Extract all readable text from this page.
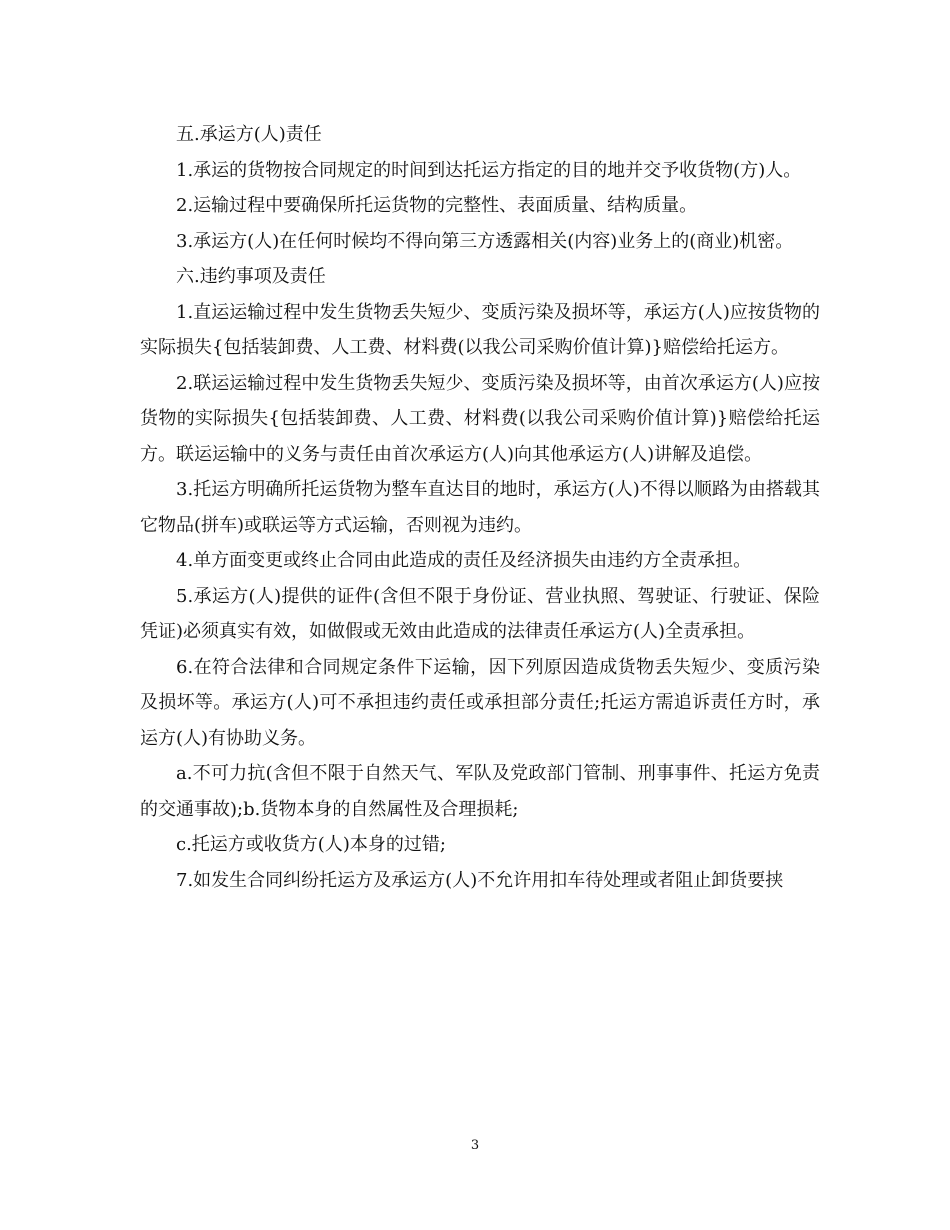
五.承运方(人)责任

1.承运的货物按合同规定的时间到达托运方指定的目的地并交予收货物(方)人。

2.运输过程中要确保所托运货物的完整性、表面质量、结构质量。

3.承运方(人)在任何时候均不得向第三方透露相关(内容)业务上的(商业)机密。

六.违约事项及责任

1.直运运输过程中发生货物丢失短少、变质污染及损坏等，承运方(人)应按货物的实际损失{包括装卸费、人工费、材料费(以我公司采购价值计算)}赔偿给托运方。

2.联运运输过程中发生货物丢失短少、变质污染及损坏等，由首次承运方(人)应按货物的实际损失{包括装卸费、人工费、材料费(以我公司采购价值计算)}赔偿给托运方。联运运输中的义务与责任由首次承运方(人)向其他承运方(人)讲解及追偿。

3.托运方明确所托运货物为整车直达目的地时，承运方(人)不得以顺路为由搭载其它物品(拼车)或联运等方式运输，否则视为违约。

4.单方面变更或终止合同由此造成的责任及经济损失由违约方全责承担。

5.承运方(人)提供的证件(含但不限于身份证、营业执照、驾驶证、行驶证、保险凭证)必须真实有效，如做假或无效由此造成的法律责任承运方(人)全责承担。

6.在符合法律和合同规定条件下运输，因下列原因造成货物丢失短少、变质污染及损坏等。承运方(人)可不承担违约责任或承担部分责任;托运方需追诉责任方时，承运方(人)有协助义务。

a.不可力抗(含但不限于自然天气、军队及党政部门管制、刑事事件、托运方免责的交通事故);b.货物本身的自然属性及合理损耗;

c.托运方或收货方(人)本身的过错;

7.如发生合同纠纷托运方及承运方(人)不允许用扣车待处理或者阻止卸货要挟

3
